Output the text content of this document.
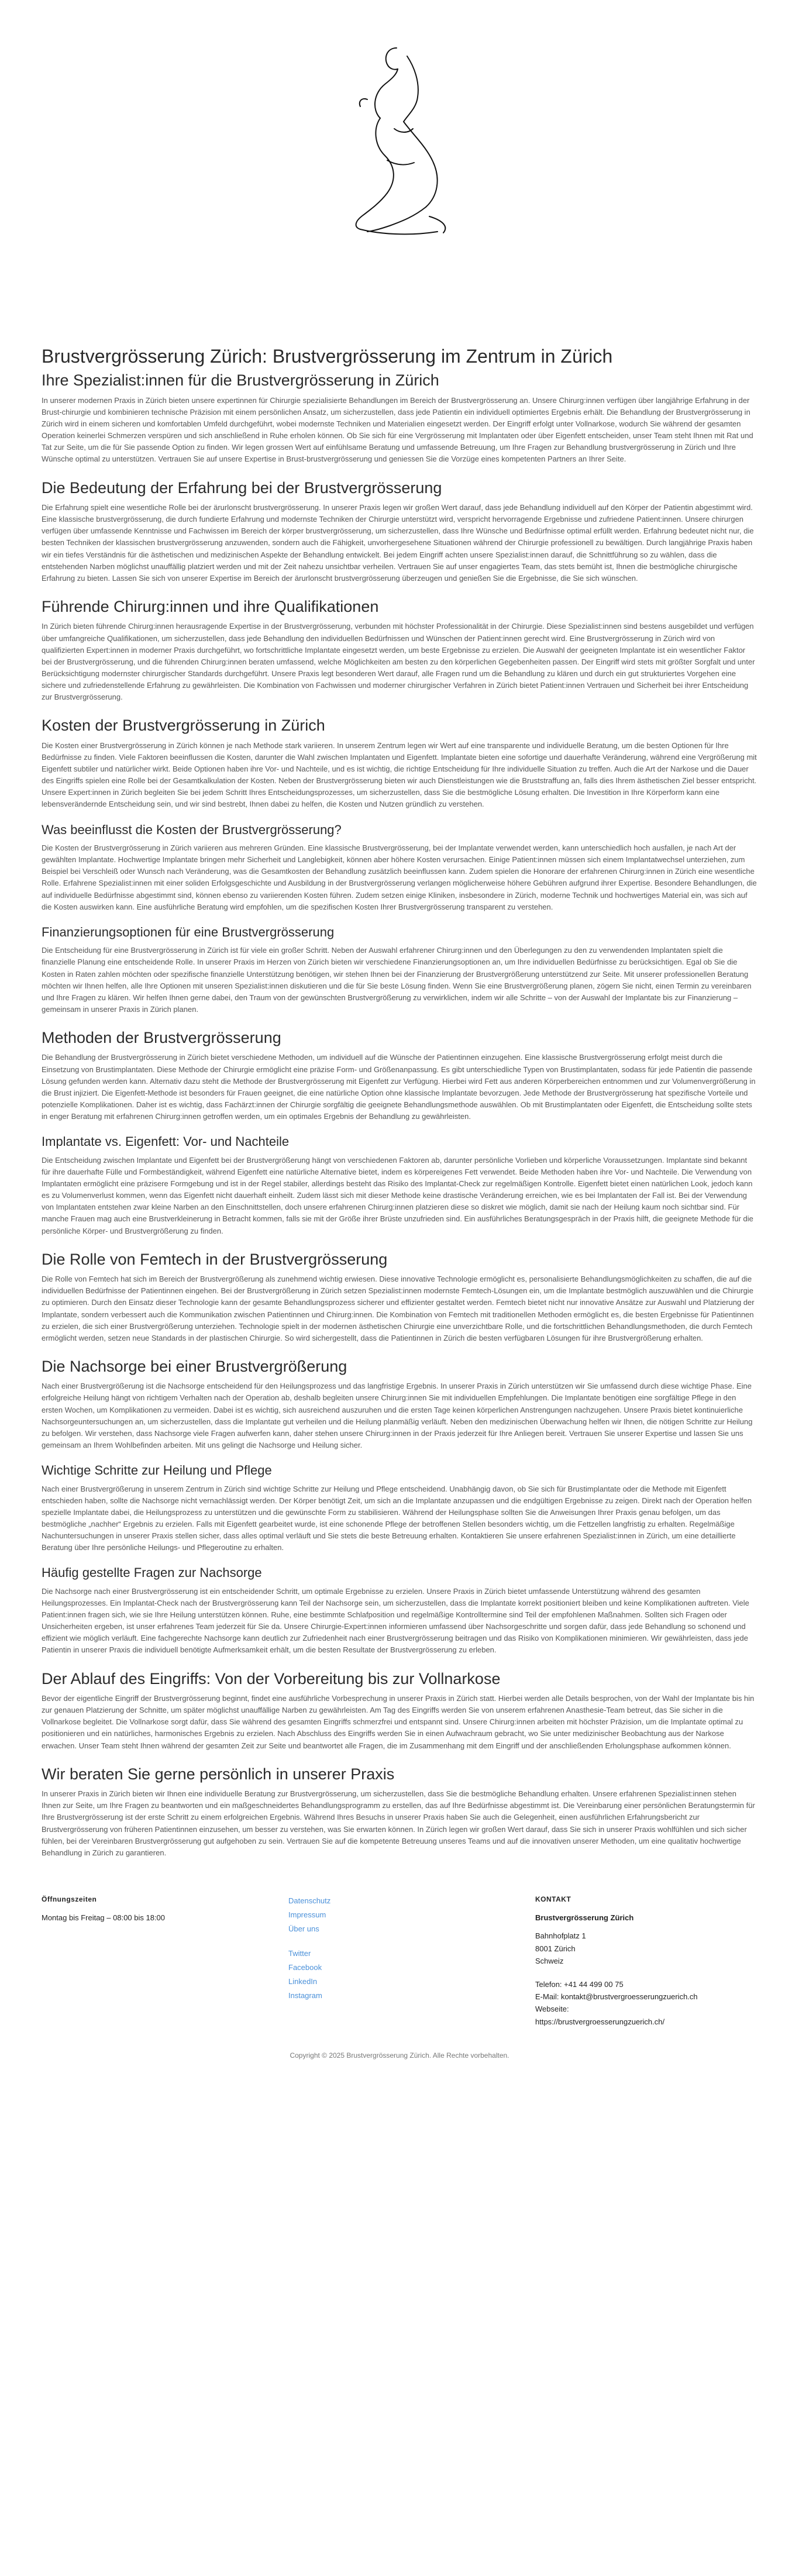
Brustvergrösserung Zürich: Brustvergrösserung im Zentrum in Zürich
Ihre Spezialist:innen für die Brustvergrösserung in Zürich

In unserer modernen Praxis in Zürich bieten unsere expertinnen für Chirurgie spezialisierte Behandlungen im Bereich der Brustvergrösserung an. Unsere Chirurg:innen verfügen über langjährige Erfahrung in der Brust-chirurgie und kombinieren technische Präzision mit einem persönlichen Ansatz, um sicherzustellen, dass jede Patientin ein individuell optimiertes Ergebnis erhält. Die Behandlung der Brustvergrösserung in Zürich wird in einem sicheren und komfortablen Umfeld durchgeführt, wobei modernste Techniken und Materialien eingesetzt werden. Der Eingriff erfolgt unter Vollnarkose, wodurch Sie während der gesamten Operation keinerlei Schmerzen verspüren und sich anschließend in Ruhe erholen können. Ob Sie sich für eine Vergrösserung mit Implantaten oder über Eigenfett entscheiden, unser Team steht Ihnen mit Rat und Tat zur Seite, um die für Sie passende Option zu finden. Wir legen grossen Wert auf einfühlsame Beratung und umfassende Betreuung, um Ihre Fragen zur Behandlung brustvergrösserung in Zürich und Ihre Wünsche optimal zu unterstützen. Vertrauen Sie auf unsere Expertise in Brust-brustvergrösserung und geniessen Sie die Vorzüge eines kompetenten Partners an Ihrer Seite.

Die Bedeutung der Erfahrung bei der Brustvergrösserung

Die Erfahrung spielt eine wesentliche Rolle bei der ärurlonscht brustvergrösserung. In unserer Praxis legen wir großen Wert darauf, dass jede Behandlung individuell auf den Körper der Patientin abgestimmt wird. Eine klassische brustvergrösserung, die durch fundierte Erfahrung und modernste Techniken der Chirurgie unterstützt wird, verspricht hervorragende Ergebnisse und zufriedene Patient:innen. Unsere chirurgen verfügen über umfassende Kenntnisse und Fachwissen im Bereich der körper brustvergrösserung, um sicherzustellen, dass Ihre Wünsche und Bedürfnisse optimal erfüllt werden. Erfahrung bedeutet nicht nur, die besten Techniken der klassischen brustvergrösserung anzuwenden, sondern auch die Fähigkeit, unvorhergesehene Situationen während der Chirurgie professionell zu bewältigen. Durch langjährige Praxis haben wir ein tiefes Verständnis für die ästhetischen und medizinischen Aspekte der Behandlung entwickelt. Bei jedem Eingriff achten unsere Spezialist:innen darauf, die Schnittführung so zu wählen, dass die entstehenden Narben möglichst unauffällig platziert werden und mit der Zeit nahezu unsichtbar verheilen. Vertrauen Sie auf unser engagiertes Team, das stets bemüht ist, Ihnen die bestmögliche chirurgische Erfahrung zu bieten. Lassen Sie sich von unserer Expertise im Bereich der ärurlonscht brustvergrösserung überzeugen und genießen Sie die Ergebnisse, die Sie sich wünschen.

Führende Chirurg:innen und ihre Qualifikationen

In Zürich bieten führende Chirurg:innen herausragende Expertise in der Brustvergrösserung, verbunden mit höchster Professionalität in der Chirurgie. Diese Spezialist:innen sind bestens ausgebildet und verfügen über umfangreiche Qualifikationen, um sicherzustellen, dass jede Behandlung den individuellen Bedürfnissen und Wünschen der Patient:innen gerecht wird. Eine Brustvergrösserung in Zürich wird von qualifizierten Expert:innen in moderner Praxis durchgeführt, wo fortschrittliche Implantate eingesetzt werden, um beste Ergebnisse zu erzielen. Die Auswahl der geeigneten Implantate ist ein wesentlicher Faktor bei der Brustvergrösserung, und die führenden Chirurg:innen beraten umfassend, welche Möglichkeiten am besten zu den körperlichen Gegebenheiten passen. Der Eingriff wird stets mit größter Sorgfalt und unter Berücksichtigung modernster chirurgischer Standards durchgeführt. Unsere Praxis legt besonderen Wert darauf, alle Fragen rund um die Behandlung zu klären und durch ein gut strukturiertes Vorgehen eine sichere und zufriedenstellende Erfahrung zu gewährleisten. Die Kombination von Fachwissen und moderner chirurgischer Verfahren in Zürich bietet Patient:innen Vertrauen und Sicherheit bei ihrer Entscheidung zur Brustvergrösserung.

Kosten der Brustvergrösserung in Zürich

Die Kosten einer Brustvergrösserung in Zürich können je nach Methode stark variieren. In unserem Zentrum legen wir Wert auf eine transparente und individuelle Beratung, um die besten Optionen für Ihre Bedürfnisse zu finden. Viele Faktoren beeinflussen die Kosten, darunter die Wahl zwischen Implantaten und Eigenfett. Implantate bieten eine sofortige und dauerhafte Veränderung, während eine Vergrößerung mit Eigenfett subtiler und natürlicher wirkt. Beide Optionen haben ihre Vor- und Nachteile, und es ist wichtig, die richtige Entscheidung für Ihre individuelle Situation zu treffen. Auch die Art der Narkose und die Dauer des Eingriffs spielen eine Rolle bei der Gesamtkalkulation der Kosten. Neben der Brustvergrösserung bieten wir auch Dienstleistungen wie die Bruststraffung an, falls dies Ihrem ästhetischen Ziel besser entspricht. Unsere Expert:innen in Zürich begleiten Sie bei jedem Schritt Ihres Entscheidungsprozesses, um sicherzustellen, dass Sie die bestmögliche Lösung erhalten. Die Investition in Ihre Körperform kann eine lebensverändernde Entscheidung sein, und wir sind bestrebt, Ihnen dabei zu helfen, die Kosten und Nutzen gründlich zu verstehen.

Was beeinflusst die Kosten der Brustvergrösserung?

Die Kosten der Brustvergrösserung in Zürich variieren aus mehreren Gründen. Eine klassische Brustvergrösserung, bei der Implantate verwendet werden, kann unterschiedlich hoch ausfallen, je nach Art der gewählten Implantate. Hochwertige Implantate bringen mehr Sicherheit und Langlebigkeit, können aber höhere Kosten verursachen. Einige Patient:innen müssen sich einem Implantatwechsel unterziehen, zum Beispiel bei Verschleiß oder Wunsch nach Veränderung, was die Gesamtkosten der Behandlung zusätzlich beeinflussen kann. Zudem spielen die Honorare der erfahrenen Chirurg:innen in Zürich eine wesentliche Rolle. Erfahrene Spezialist:innen mit einer soliden Erfolgsgeschichte und Ausbildung in der Brustvergrösserung verlangen möglicherweise höhere Gebühren aufgrund ihrer Expertise. Besondere Behandlungen, die auf individuelle Bedürfnisse abgestimmt sind, können ebenso zu variierenden Kosten führen. Zudem setzen einige Kliniken, insbesondere in Zürich, moderne Technik und hochwertiges Material ein, was sich auf die Kosten auswirken kann. Eine ausführliche Beratung wird empfohlen, um die spezifischen Kosten Ihrer Brustvergrösserung transparent zu verstehen.

Finanzierungsoptionen für eine Brustvergrösserung

Die Entscheidung für eine Brustvergrösserung in Zürich ist für viele ein großer Schritt. Neben der Auswahl erfahrener Chirurg:innen und den Überlegungen zu den zu verwendenden Implantaten spielt die finanzielle Planung eine entscheidende Rolle. In unserer Praxis im Herzen von Zürich bieten wir verschiedene Finanzierungsoptionen an, um Ihre individuellen Bedürfnisse zu berücksichtigen. Egal ob Sie die Kosten in Raten zahlen möchten oder spezifische finanzielle Unterstützung benötigen, wir stehen Ihnen bei der Finanzierung der Brustvergrößerung unterstützend zur Seite. Mit unserer professionellen Beratung möchten wir Ihnen helfen, alle Ihre Optionen mit unseren Spezialist:innen diskutieren und die für Sie beste Lösung finden. Wenn Sie eine Brustvergrößerung planen, zögern Sie nicht, einen Termin zu vereinbaren und Ihre Fragen zu klären. Wir helfen Ihnen gerne dabei, den Traum von der gewünschten Brustvergrößerung zu verwirklichen, indem wir alle Schritte – von der Auswahl der Implantate bis zur Finanzierung – gemeinsam in unserer Praxis in Zürich planen.

Methoden der Brustvergrösserung

Die Behandlung der Brustvergrösserung in Zürich bietet verschiedene Methoden, um individuell auf die Wünsche der Patientinnen einzugehen. Eine klassische Brustvergrösserung erfolgt meist durch die Einsetzung von Brustimplantaten. Diese Methode der Chirurgie ermöglicht eine präzise Form- und Größenanpassung. Es gibt unterschiedliche Typen von Brustimplantaten, sodass für jede Patientin die passende Lösung gefunden werden kann. Alternativ dazu steht die Methode der Brustvergrösserung mit Eigenfett zur Verfügung. Hierbei wird Fett aus anderen Körperbereichen entnommen und zur Volumenvergrößerung in die Brust injiziert. Die Eigenfett-Methode ist besonders für Frauen geeignet, die eine natürliche Option ohne klassische Implantate bevorzugen. Jede Methode der Brustvergrösserung hat spezifische Vorteile und potenzielle Komplikationen. Daher ist es wichtig, dass Fachärzt:innen der Chirurgie sorgfältig die geeignete Behandlungsmethode auswählen. Ob mit Brustimplantaten oder Eigenfett, die Entscheidung sollte stets in enger Beratung mit erfahrenen Chirurg:innen getroffen werden, um ein optimales Ergebnis der Behandlung zu gewährleisten.

Implantate vs. Eigenfett: Vor- und Nachteile

Die Entscheidung zwischen Implantate und Eigenfett bei der Brustvergrößerung hängt von verschiedenen Faktoren ab, darunter persönliche Vorlieben und körperliche Voraussetzungen. Implantate sind bekannt für ihre dauerhafte Fülle und Formbeständigkeit, während Eigenfett eine natürliche Alternative bietet, indem es körpereigenes Fett verwendet. Beide Methoden haben ihre Vor- und Nachteile. Die Verwendung von Implantaten ermöglicht eine präzisere Formgebung und ist in der Regel stabiler, allerdings besteht das Risiko des Implantat-Check zur regelmäßigen Kontrolle. Eigenfett bietet einen natürlichen Look, jedoch kann es zu Volumenverlust kommen, wenn das Eigenfett nicht dauerhaft einheilt. Zudem lässt sich mit dieser Methode keine drastische Veränderung erreichen, wie es bei Implantaten der Fall ist. Bei der Verwendung von Implantaten entstehen zwar kleine Narben an den Einschnittstellen, doch unsere erfahrenen Chirurg:innen platzieren diese so diskret wie möglich, damit sie nach der Heilung kaum noch sichtbar sind. Für manche Frauen mag auch eine Brustverkleinerung in Betracht kommen, falls sie mit der Größe ihrer Brüste unzufrieden sind. Ein ausführliches Beratungsgespräch in der Praxis hilft, die geeignete Methode für die persönliche Körper- und Brustvergrößerung zu finden.

Die Rolle von Femtech in der Brustvergrösserung

Die Rolle von Femtech hat sich im Bereich der Brustvergrößerung als zunehmend wichtig erwiesen. Diese innovative Technologie ermöglicht es, personalisierte Behandlungsmöglichkeiten zu schaffen, die auf die individuellen Bedürfnisse der Patientinnen eingehen. Bei der Brustvergrößerung in Zürich setzen Spezialist:innen modernste Femtech-Lösungen ein, um die Implantate bestmöglich auszuwählen und die Chirurgie zu optimieren. Durch den Einsatz dieser Technologie kann der gesamte Behandlungsprozess sicherer und effizienter gestaltet werden. Femtech bietet nicht nur innovative Ansätze zur Auswahl und Platzierung der Implantate, sondern verbessert auch die Kommunikation zwischen Patientinnen und Chirurg:innen. Die Kombination von Femtech mit traditionellen Methoden ermöglicht es, die besten Ergebnisse für Patientinnen zu erzielen, die sich einer Brustvergrößerung unterziehen. Technologie spielt in der modernen ästhetischen Chirurgie eine unverzichtbare Rolle, und die fortschrittlichen Behandlungsmethoden, die durch Femtech ermöglicht werden, setzen neue Standards in der plastischen Chirurgie. So wird sichergestellt, dass die Patientinnen in Zürich die besten verfügbaren Lösungen für ihre Brustvergrößerung erhalten.

Die Nachsorge bei einer Brustvergrößerung

Nach einer Brustvergrößerung ist die Nachsorge entscheidend für den Heilungsprozess und das langfristige Ergebnis. In unserer Praxis in Zürich unterstützen wir Sie umfassend durch diese wichtige Phase. Eine erfolgreiche Heilung hängt von richtigem Verhalten nach der Operation ab, deshalb begleiten unsere Chirurg:innen Sie mit individuellen Empfehlungen. Die Implantate benötigen eine sorgfältige Pflege in den ersten Wochen, um Komplikationen zu vermeiden. Dabei ist es wichtig, sich ausreichend auszuruhen und die ersten Tage keinen körperlichen Anstrengungen nachzugehen. Unsere Praxis bietet kontinuierliche Nachsorgeuntersuchungen an, um sicherzustellen, dass die Implantate gut verheilen und die Heilung planmäßig verläuft. Neben den medizinischen Überwachung helfen wir Ihnen, die nötigen Schritte zur Heilung zu befolgen. Wir verstehen, dass Nachsorge viele Fragen aufwerfen kann, daher stehen unsere Chirurg:innen in der Praxis jederzeit für Ihre Anliegen bereit. Vertrauen Sie unserer Expertise und lassen Sie uns gemeinsam an Ihrem Wohlbefinden arbeiten. Mit uns gelingt die Nachsorge und Heilung sicher.

Wichtige Schritte zur Heilung und Pflege

Nach einer Brustvergrößerung in unserem Zentrum in Zürich sind wichtige Schritte zur Heilung und Pflege entscheidend. Unabhängig davon, ob Sie sich für Brustimplantate oder die Methode mit Eigenfett entschieden haben, sollte die Nachsorge nicht vernachlässigt werden. Der Körper benötigt Zeit, um sich an die Implantate anzupassen und die endgültigen Ergebnisse zu zeigen. Direkt nach der Operation helfen spezielle Implantate dabei, die Heilungsprozess zu unterstützen und die gewünschte Form zu stabilisieren. Während der Heilungsphase sollten Sie die Anweisungen Ihrer Praxis genau befolgen, um das bestmögliche „nachher“ Ergebnis zu erzielen. Falls mit Eigenfett gearbeitet wurde, ist eine schonende Pflege der betroffenen Stellen besonders wichtig, um die Fettzellen langfristig zu erhalten. Regelmäßige Nachuntersuchungen in unserer Praxis stellen sicher, dass alles optimal verläuft und Sie stets die beste Betreuung erhalten. Kontaktieren Sie unsere erfahrenen Spezialist:innen in Zürich, um eine detaillierte Beratung über Ihre persönliche Heilungs- und Pflegeroutine zu erhalten.

Häufig gestellte Fragen zur Nachsorge

Die Nachsorge nach einer Brustvergrösserung ist ein entscheidender Schritt, um optimale Ergebnisse zu erzielen. Unsere Praxis in Zürich bietet umfassende Unterstützung während des gesamten Heilungsprozesses. Ein Implantat-Check nach der Brustvergrösserung kann Teil der Nachsorge sein, um sicherzustellen, dass die Implantate korrekt positioniert bleiben und keine Komplikationen auftreten. Viele Patient:innen fragen sich, wie sie Ihre Heilung unterstützen können. Ruhe, eine bestimmte Schlafposition und regelmäßige Kontrolltermine sind Teil der empfohlenen Maßnahmen. Sollten sich Fragen oder Unsicherheiten ergeben, ist unser erfahrenes Team jederzeit für Sie da. Unsere Chirurgie-Expert:innen informieren umfassend über Nachsorgeschritte und sorgen dafür, dass jede Behandlung so schonend und effizient wie möglich verläuft. Eine fachgerechte Nachsorge kann deutlich zur Zufriedenheit nach einer Brustvergrösserung beitragen und das Risiko von Komplikationen minimieren. Wir gewährleisten, dass jede Patientin in unserer Praxis die individuell benötigte Aufmerksamkeit erhält, um die besten Resultate der Brustvergrösserung zu erleben.

Der Ablauf des Eingriffs: Von der Vorbereitung bis zur Vollnarkose

Bevor der eigentliche Eingriff der Brustvergrösserung beginnt, findet eine ausführliche Vorbesprechung in unserer Praxis in Zürich statt. Hierbei werden alle Details besprochen, von der Wahl der Implantate bis hin zur genauen Platzierung der Schnitte, um später möglichst unauffällige Narben zu gewährleisten. Am Tag des Eingriffs werden Sie von unserem erfahrenen Anasthesie-Team betreut, das Sie sicher in die Vollnarkose begleitet. Die Vollnarkose sorgt dafür, dass Sie während des gesamten Eingriffs schmerzfrei und entspannt sind. Unsere Chirurg:innen arbeiten mit höchster Präzision, um die Implantate optimal zu positionieren und ein natürliches, harmonisches Ergebnis zu erzielen. Nach Abschluss des Eingriffs werden Sie in einen Aufwachraum gebracht, wo Sie unter medizinischer Beobachtung aus der Narkose erwachen. Unser Team steht Ihnen während der gesamten Zeit zur Seite und beantwortet alle Fragen, die im Zusammenhang mit dem Eingriff und der anschließenden Erholungsphase aufkommen können.

Wir beraten Sie gerne persönlich in unserer Praxis

In unserer Praxis in Zürich bieten wir Ihnen eine individuelle Beratung zur Brustvergrösserung, um sicherzustellen, dass Sie die bestmögliche Behandlung erhalten. Unsere erfahrenen Spezialist:innen stehen Ihnen zur Seite, um Ihre Fragen zu beantworten und ein maßgeschneidertes Behandlungsprogramm zu erstellen, das auf Ihre Bedürfnisse abgestimmt ist. Die Vereinbarung einer persönlichen Beratungstermin für Ihre Brustvergrösserung ist der erste Schritt zu einem erfolgreichen Ergebnis. Während Ihres Besuchs in unserer Praxis haben Sie auch die Gelegenheit, einen ausführlichen Erfahrungsbericht zur Brustvergrösserung von früheren Patientinnen einzusehen, um besser zu verstehen, was Sie erwarten können. In Zürich legen wir großen Wert darauf, dass Sie sich in unserer Praxis wohlfühlen und sich sicher fühlen, bei der Vereinbaren Brustvergrösserung gut aufgehoben zu sein. Vertrauen Sie auf die kompetente Betreuung unseres Teams und auf die innovativen unserer Methoden, um eine qualitativ hochwertige Behandlung in Zürich zu garantieren.

Öffnungszeiten
Montag bis Freitag – 08:00 bis 18:00
Datenschutz
Impressum
Über uns
Twitter
Facebook
LinkedIn
Instagram
KONTAKT
Brustvergrösserung Zürich
Bahnhofplatz 1
8001 Zürich
Schweiz
Telefon: +41 44 499 00 75
E-Mail: kontakt@brustvergroesserungzuerich.ch
Webseite:
https://brustvergroesserungzuerich.ch/
Copyright © 2025 Brustvergrösserung Zürich. Alle Rechte vorbehalten.
